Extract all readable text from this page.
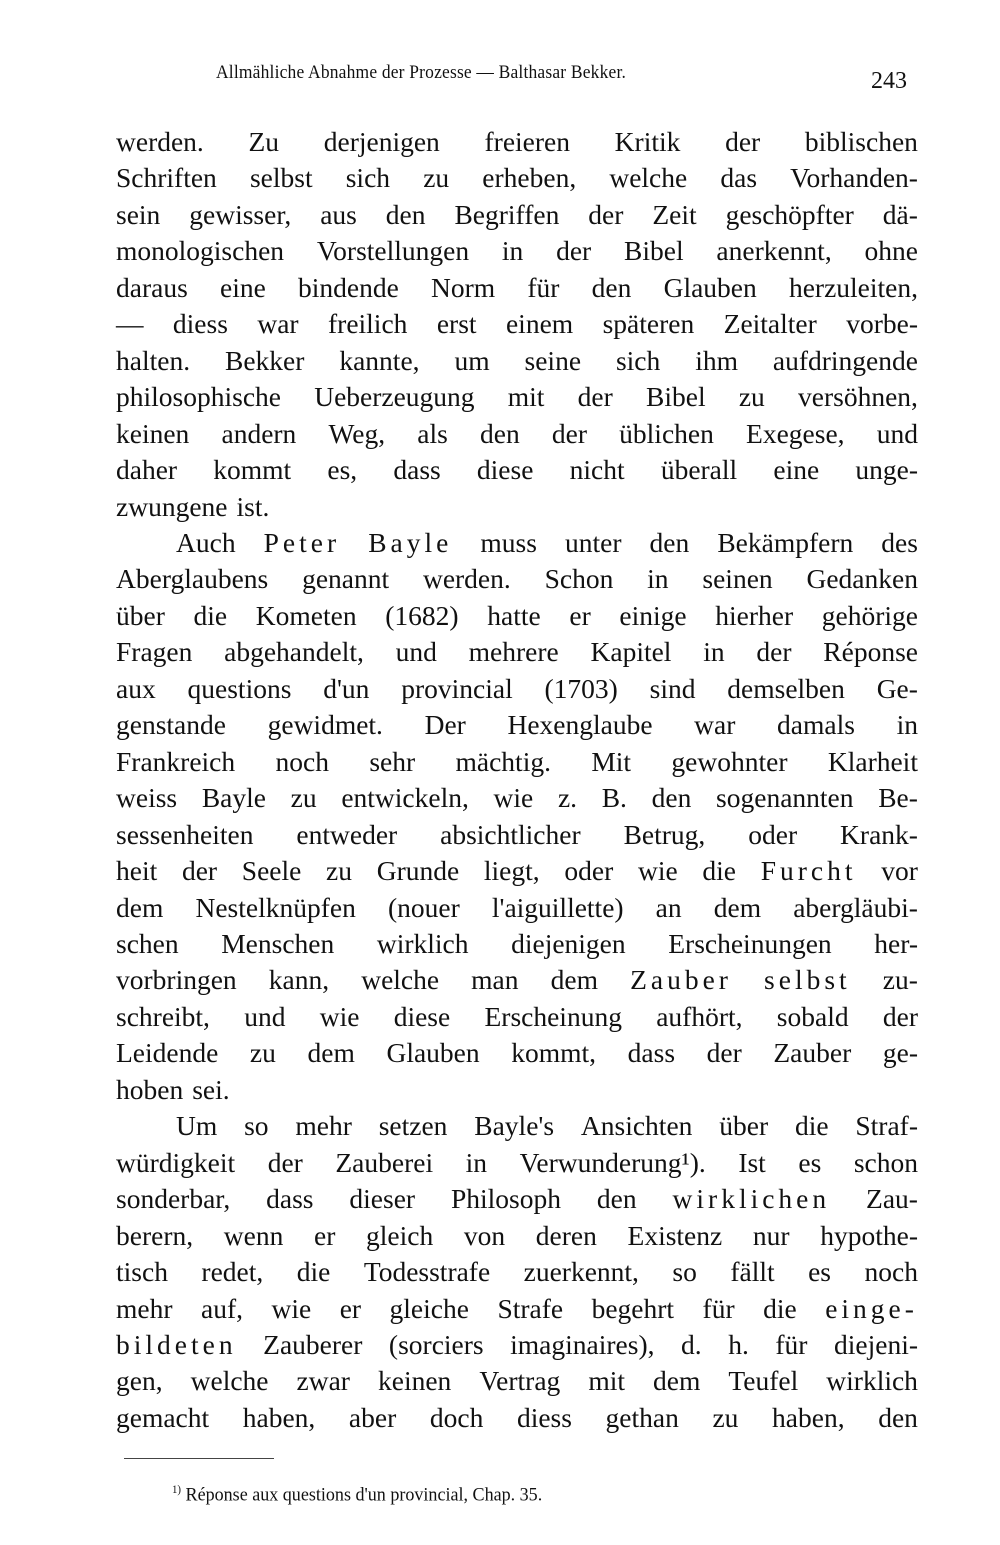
Allmähliche Abnahme der Prozesse — Balthasar Bekker.	243
werden. Zu derjenigen freieren Kritik der biblischen
Schriften selbst sich zu erheben, welche das Vorhanden-
sein gewisser, aus den Begriffen der Zeit geschöpfter dä-
monologischen Vorstellungen in der Bibel anerkennt, ohne
daraus eine bindende Norm für den Glauben herzuleiten,
— diess war freilich erst einem späteren Zeitalter vorbe-
halten. Bekker kannte, um seine sich ihm aufdringende
philosophische Ueberzeugung mit der Bibel zu versöhnen,
keinen andern Weg, als den der üblichen Exegese, und
daher kommt es, dass diese nicht überall eine unge-
zwungene ist.
Auch Peter Bayle muss unter den Bekämpfern des
Aberglaubens genannt werden. Schon in seinen Gedanken
über die Kometen (1682) hatte er einige hierher gehörige
Fragen abgehandelt, und mehrere Kapitel in der Réponse
aux questions d'un provincial (1703) sind demselben Ge-
genstande gewidmet. Der Hexenglaube war damals in
Frankreich noch sehr mächtig. Mit gewohnter Klarheit
weiss Bayle zu entwickeln, wie z. B. den sogenannten Be-
sessenheiten entweder absichtlicher Betrug, oder Krank-
heit der Seele zu Grunde liegt, oder wie die Furcht vor
dem Nestelknüpfen (nouer l'aiguillette) an dem abergläubi-
schen Menschen wirklich diejenigen Erscheinungen her-
vorbringen kann, welche man dem Zauber selbst zu-
schreibt, und wie diese Erscheinung aufhört, sobald der
Leidende zu dem Glauben kommt, dass der Zauber ge-
hoben sei.
Um so mehr setzen Bayle's Ansichten über die Straf-
würdigkeit der Zauberei in Verwunderung¹). Ist es schon
sonderbar, dass dieser Philosoph den wirklichen Zau-
berern, wenn er gleich von deren Existenz nur hypothe-
tisch redet, die Todesstrafe zuerkennt, so fällt es noch
mehr auf, wie er gleiche Strafe begehrt für die einge-
bildeten Zauberer (sorciers imaginaires), d. h. für diejeni-
gen, welche zwar keinen Vertrag mit dem Teufel wirklich
gemacht haben, aber doch diess gethan zu haben, den
$^{1)}$ Réponse aux questions d'un provincial, Chap. 35.
